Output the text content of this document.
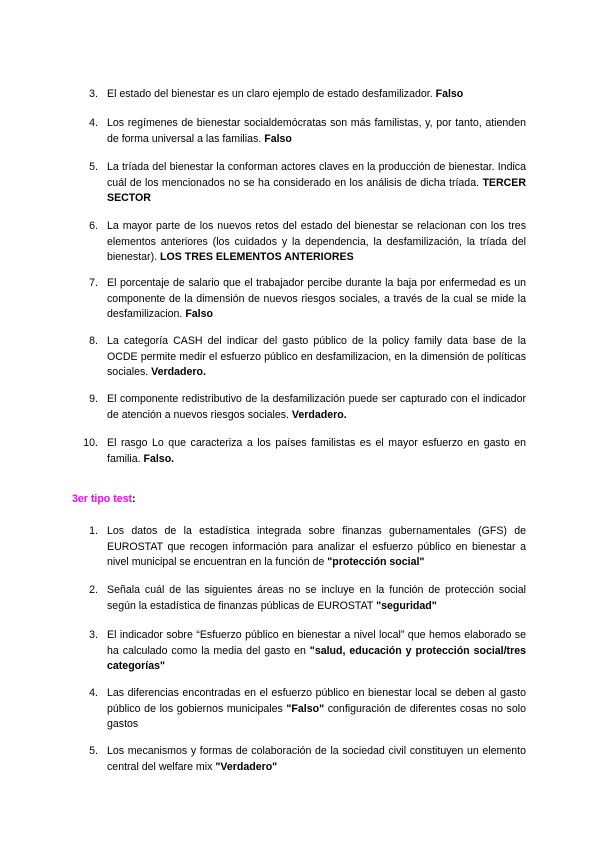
3. El estado del bienestar es un claro ejemplo de estado desfamilizador. Falso
4. Los regímenes de bienestar socialdemócratas son más familistas, y, por tanto, atienden de forma universal a las familias. Falso
5. La tríada del bienestar la conforman actores claves en la producción de bienestar. Indica cuál de los mencionados no se ha considerado en los análisis de dicha tríada. TERCER SECTOR
6. La mayor parte de los nuevos retos del estado del bienestar se relacionan con los tres elementos anteriores (los cuidados y la dependencia, la desfamilización, la tríada del bienestar). LOS TRES ELEMENTOS ANTERIORES
7. El porcentaje de salario que el trabajador percibe durante la baja por enfermedad es un componente de la dimensión de nuevos riesgos sociales, a través de la cual se mide la desfamilizacion. Falso
8. La categoría CASH del indicar del gasto público de la policy family data base de la OCDE permite medir el esfuerzo público en desfamilizacion, en la dimensión de políticas sociales. Verdadero.
9. El componente redistributivo de la desfamilización puede ser capturado con el indicador de atención a nuevos riesgos sociales. Verdadero.
10. El rasgo Lo que caracteriza a los países familistas es el mayor esfuerzo en gasto en familia. Falso.
3er tipo test:
1. Los datos de la estadística integrada sobre finanzas gubernamentales (GFS) de EUROSTAT que recogen información para analizar el esfuerzo público en bienestar a nivel municipal se encuentran en la función de "protección social"
2. Señala cuál de las siguientes áreas no se incluye en la función de protección social según la estadística de finanzas públicas de EUROSTAT "seguridad"
3. El indicador sobre “Esfuerzo público en bienestar a nivel local” que hemos elaborado se ha calculado como la media del gasto en "salud, educación y protección social/tres categorías"
4. Las diferencias encontradas en el esfuerzo público en bienestar local se deben al gasto público de los gobiernos municipales "Falso" configuración de diferentes cosas no solo gastos
5. Los mecanismos y formas de colaboración de la sociedad civil constituyen un elemento central del welfare mix "Verdadero"
